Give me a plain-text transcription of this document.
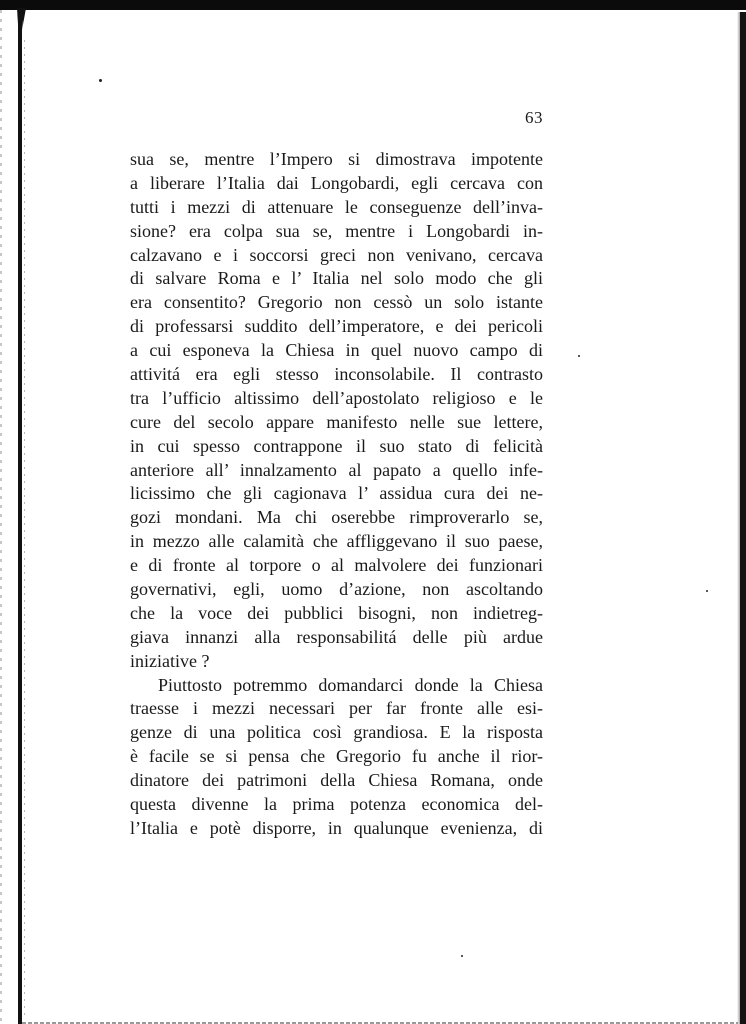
63
sua se, mentre l’Impero si dimostrava impotente
a liberare l’Italia dai Longobardi, egli cercava con
tutti i mezzi di attenuare le conseguenze dell’inva-
sione? era colpa sua se, mentre i Longobardi in-
calzavano e i soccorsi greci non venivano, cercava
di salvare Roma e l’ Italia nel solo modo che gli
era consentito? Gregorio non cessò un solo istante
di professarsi suddito dell’imperatore, e dei pericoli
a cui esponeva la Chiesa in quel nuovo campo di
attivitá era egli stesso inconsolabile. Il contrasto
tra l’ufficio altissimo dell’apostolato religioso e le
cure del secolo appare manifesto nelle sue lettere,
in cui spesso contrappone il suo stato di felicità
anteriore all’ innalzamento al papato a quello infe-
licissimo che gli cagionava l’ assidua cura dei ne-
gozi mondani. Ma chi oserebbe rimproverarlo se,
in mezzo alle calamità che affliggevano il suo paese,
e di fronte al torpore o al malvolere dei funzionari
governativi, egli, uomo d’azione, non ascoltando
che la voce dei pubblici bisogni, non indietreg-
giava innanzi alla responsabilitá delle più ardue
iniziative ?
Piuttosto potremmo domandarci donde la Chiesa
traesse i mezzi necessari per far fronte alle esi-
genze di una politica così grandiosa. E la risposta
è facile se si pensa che Gregorio fu anche il rior-
dinatore dei patrimoni della Chiesa Romana, onde
questa divenne la prima potenza economica del-
l’Italia e potè disporre, in qualunque evenienza, di
